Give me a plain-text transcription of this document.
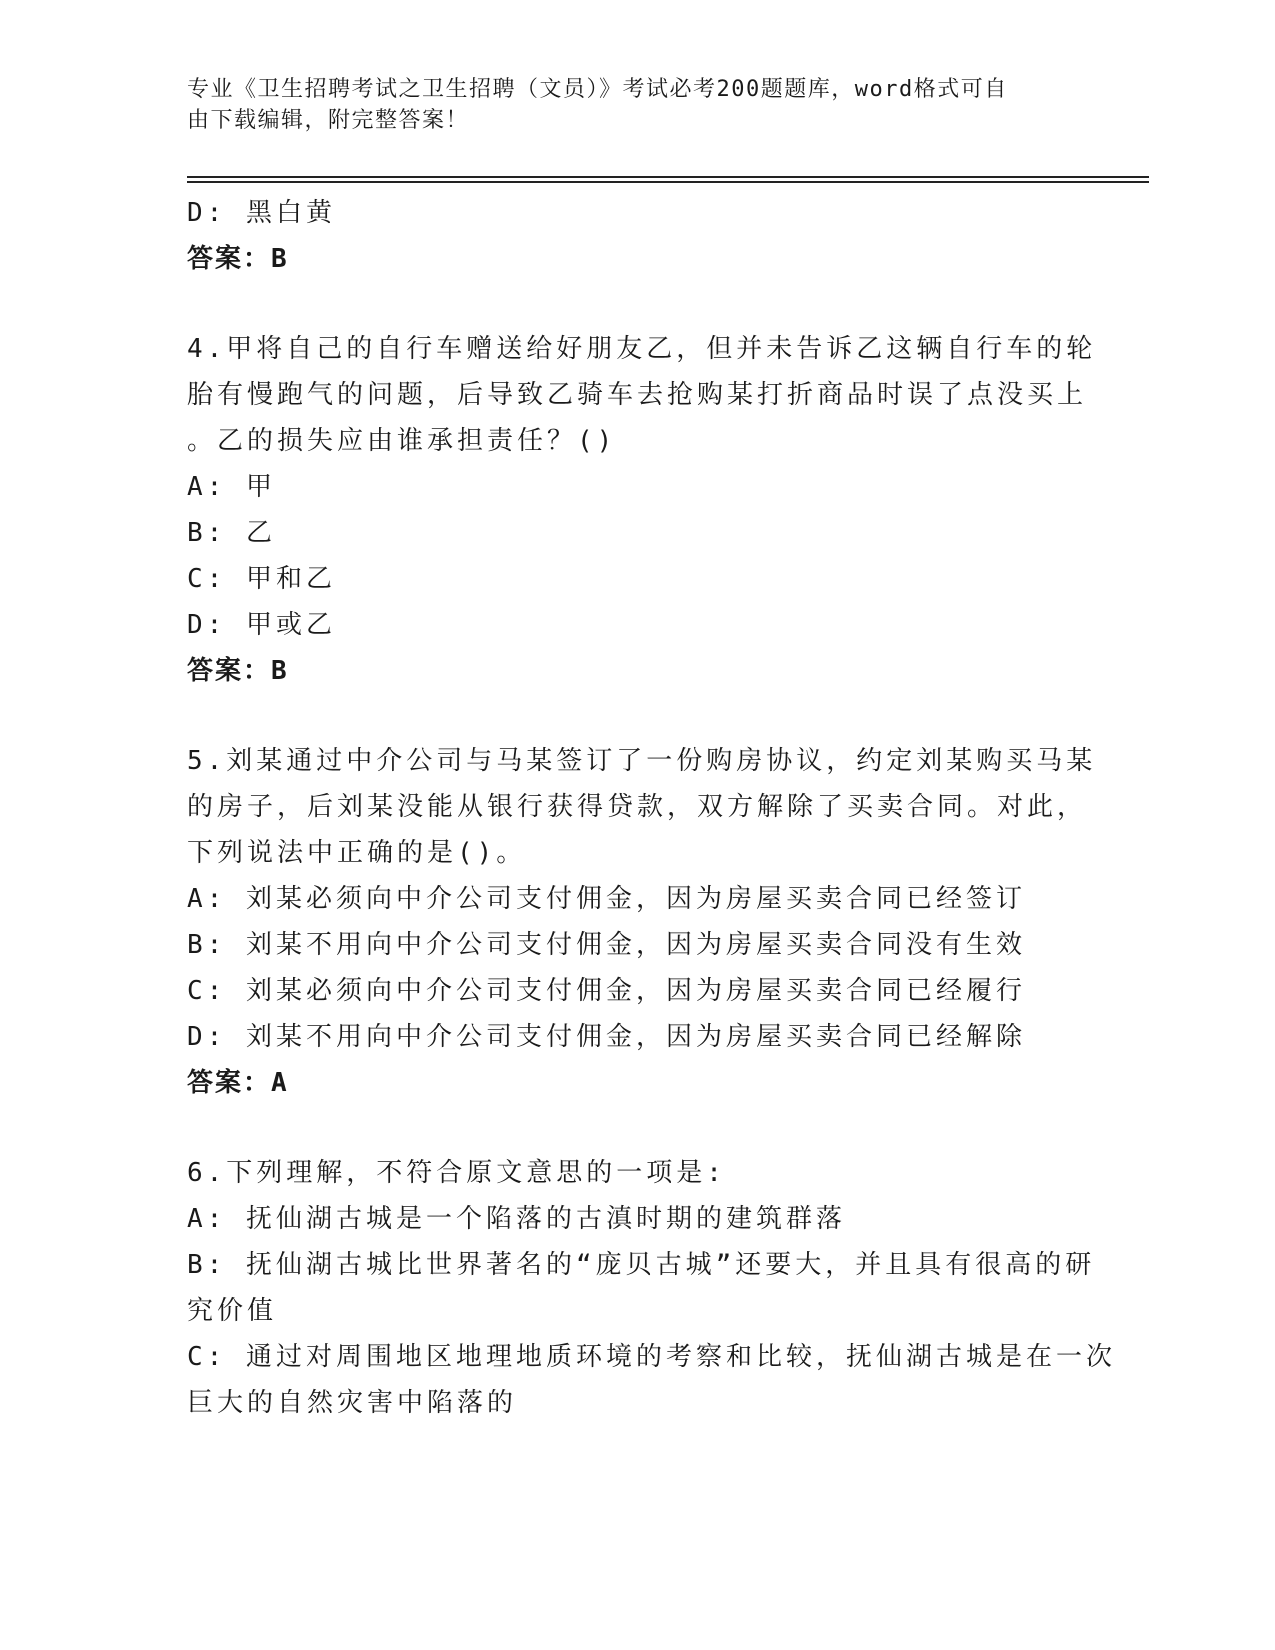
专业《卫生招聘考试之卫生招聘（文员）》考试必考200题题库，word格式可自
由下载编辑，附完整答案！
D: 黑白黄
答案：B
4.甲将自己的自行车赠送给好朋友乙，但并未告诉乙这辆自行车的轮
胎有慢跑气的问题，后导致乙骑车去抢购某打折商品时误了点没买上
。乙的损失应由谁承担责任？()
A: 甲
B: 乙
C: 甲和乙
D: 甲或乙
答案：B
5.刘某通过中介公司与马某签订了一份购房协议，约定刘某购买马某
的房子，后刘某没能从银行获得贷款，双方解除了买卖合同。对此，
下列说法中正确的是()。
A: 刘某必须向中介公司支付佣金，因为房屋买卖合同已经签订
B: 刘某不用向中介公司支付佣金，因为房屋买卖合同没有生效
C: 刘某必须向中介公司支付佣金，因为房屋买卖合同已经履行
D: 刘某不用向中介公司支付佣金，因为房屋买卖合同已经解除
答案：A
6.下列理解，不符合原文意思的一项是:
A: 抚仙湖古城是一个陷落的古滇时期的建筑群落
B: 抚仙湖古城比世界著名的“庞贝古城”还要大，并且具有很高的研
究价值
C: 通过对周围地区地理地质环境的考察和比较，抚仙湖古城是在一次
巨大的自然灾害中陷落的
